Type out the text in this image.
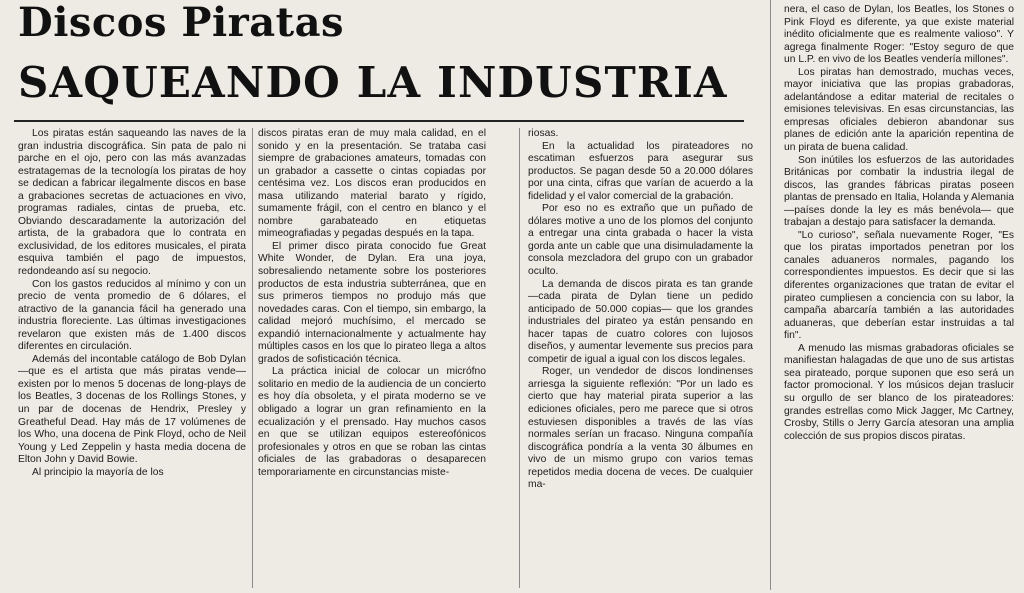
Discos Piratas
SAQUEANDO LA INDUSTRIA

Los piratas están saqueando las naves de la gran industria discográfica. Sin pata de palo ni parche en el ojo, pero con las más avanzadas estratagemas de la tecnología los piratas de hoy se dedican a fabricar ilegalmente discos en base a grabaciones secretas de actuaciones en vivo, programas radiales, cintas de prueba, etc. Obviando descaradamente la autorización del artista, de la grabadora que lo contrata en exclusividad, de los editores musicales, el pirata esquiva también el pago de impuestos, redondeando así su negocio.

Con los gastos reducidos al mínimo y con un precio de venta promedio de 6 dólares, el atractivo de la ganancia fácil ha generado una industria floreciente. Las últimas investigaciones revelaron que existen más de 1.400 discos diferentes en circulación.

Además del incontable catálogo de Bob Dylan —que es el artista que más piratas vende— existen por lo menos 5 docenas de long-plays de los Beatles, 3 docenas de los Rollings Stones, y un par de docenas de Hendrix, Presley y Greatheful Dead. Hay más de 17 volúmenes de los Who, una docena de Pink Floyd, ocho de Neil Young y Led Zeppelin y hasta media docena de Elton John y David Bowie.

Al principio la mayoría de los

discos piratas eran de muy mala calidad, en el sonido y en la presentación. Se trataba casi siempre de grabaciones amateurs, tomadas con un grabador a cassette o cintas copiadas por centésima vez. Los discos eran producidos en masa utilizando material barato y rígido, sumamente frágil, con el centro en blanco y el nombre garabateado en etiquetas mimeografiadas y pegadas después en la tapa.

El primer disco pirata conocido fue Great White Wonder, de Dylan. Era una joya, sobresaliendo netamente sobre los posteriores productos de esta industria subterránea, que en sus primeros tiempos no produjo más que novedades caras. Con el tiempo, sin embargo, la calidad mejoró muchísimo, el mercado se expandió internacionalmente y actualmente hay múltiples casos en los que lo pirateo llega a altos grados de sofisticación técnica.

La práctica inicial de colocar un micrófno solitario en medio de la audiencia de un concierto es hoy día obsoleta, y el pirata moderno se ve obligado a lograr un gran refinamiento en la ecualización y el prensado. Hay muchos casos en que se utilizan equipos estereofónicos profesionales y otros en que se roban las cintas oficiales de las grabadoras o desaparecen temporariamente en circunstancias miste-

riosas.

En la actualidad los pirateadores no escatiman esfuerzos para asegurar sus productos. Se pagan desde 50 a 20.000 dólares por una cinta, cifras que varían de acuerdo a la fidelidad y el valor comercial de la grabación.

Por eso no es extraño que un puñado de dólares motive a uno de los plomos del conjunto a entregar una cinta grabada o hacer la vista gorda ante un cable que una disimuladamente la consola mezcladora del grupo con un grabador oculto.

La demanda de discos pirata es tan grande —cada pirata de Dylan tiene un pedido anticipado de 50.000 copias— que los grandes industriales del pirateo ya están pensando en hacer tapas de cuatro colores con lujosos diseños, y aumentar levemente sus precios para competir de igual a igual con los discos legales.

Roger, un vendedor de discos londinenses arriesga la siguiente reflexión: "Por un lado es cierto que hay material pirata superior a las ediciones oficiales, pero me parece que si otros estuviesen disponibles a través de las vías normales serían un fracaso. Ninguna compañía discográfica pondría a la venta 30 álbumes en vivo de un mismo grupo con varios temas repetidos media docena de veces. De cualquier ma-

nera, el caso de Dylan, los Beatles, los Stones o Pink Floyd es diferente, ya que existe material inédito oficialmente que es realmente valioso". Y agrega finalmente Roger: "Estoy seguro de que un L.P. en vivo de los Beatles vendería millones".

Los piratas han demostrado, muchas veces, mayor iniciativa que las propias grabadoras, adelantándose a editar material de recitales o emisiones televisivas. En esas circunstancias, las empresas oficiales debieron abandonar sus planes de edición ante la aparición repentina de un pirata de buena calidad.

Son inútiles los esfuerzos de las autoridades Británicas por combatir la industria ilegal de discos, las grandes fábricas piratas poseen plantas de prensado en Italia, Holanda y Alemania —países donde la ley es más benévola— que trabajan a destajo para satisfacer la demanda.

"Lo curioso", señala nuevamente Roger, "Es que los piratas importados penetran por los canales aduaneros normales, pagando los correspondientes impuestos. Es decir que si las diferentes organizaciones que tratan de evitar el pirateo cumpliesen a conciencia con su labor, la campaña abarcaría también a las autoridades aduaneras, que deberían estar instruidas a tal fin".

A menudo las mismas grabadoras oficiales se manifiestan halagadas de que uno de sus artistas sea pirateado, porque suponen que eso será un factor promocional. Y los músicos dejan traslucir su orgullo de ser blanco de los pirateadores: grandes estrellas como Mick Jagger, Mc Cartney, Crosby, Stills o Jerry García atesoran una amplia colección de sus propios discos piratas.
